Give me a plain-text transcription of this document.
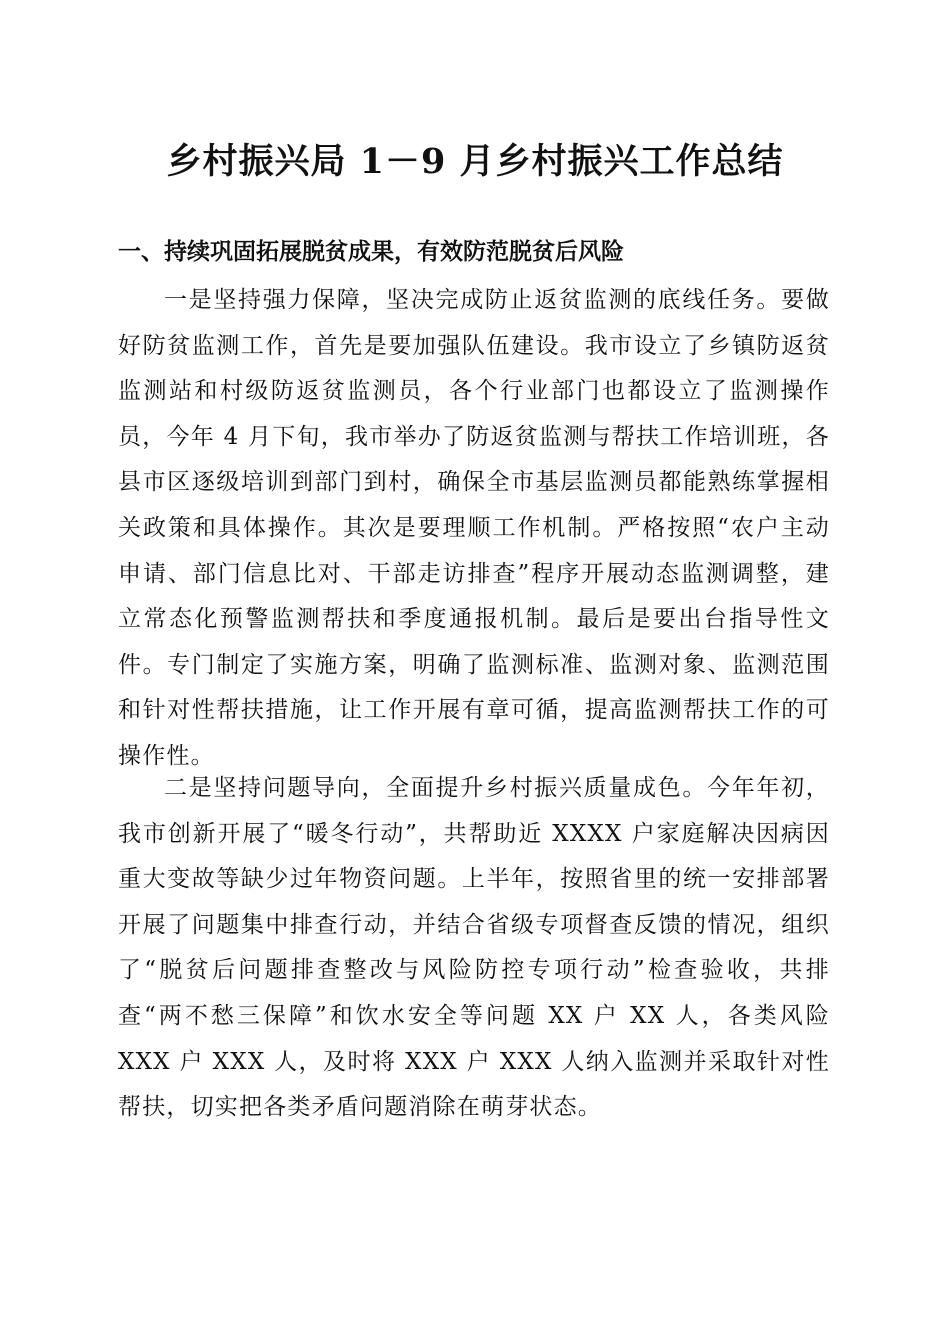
乡村振兴局 1－9 月乡村振兴工作总结
一、持续巩固拓展脱贫成果，有效防范脱贫后风险

一是坚持强力保障，坚决完成防止返贫监测的底线任务。要做好防贫监测工作，首先是要加强队伍建设。我市设立了乡镇防返贫监测站和村级防返贫监测员，各个行业部门也都设立了监测操作员，今年 4 月下旬，我市举办了防返贫监测与帮扶工作培训班，各县市区逐级培训到部门到村，确保全市基层监测员都能熟练掌握相关政策和具体操作。其次是要理顺工作机制。严格按照“农户主动申请、部门信息比对、干部走访排查”程序开展动态监测调整，建立常态化预警监测帮扶和季度通报机制。最后是要出台指导性文件。专门制定了实施方案，明确了监测标准、监测对象、监测范围和针对性帮扶措施，让工作开展有章可循，提高监测帮扶工作的可操作性。

二是坚持问题导向，全面提升乡村振兴质量成色。今年年初，我市创新开展了“暖冬行动”，共帮助近 XXXX 户家庭解决因病因重大变故等缺少过年物资问题。上半年，按照省里的统一安排部署开展了问题集中排查行动，并结合省级专项督查反馈的情况，组织了“脱贫后问题排查整改与风险防控专项行动”检查验收，共排查“两不愁三保障”和饮水安全等问题 XX 户 XX 人，各类风险 XXX 户 XXX 人，及时将 XXX 户 XXX 人纳入监测并采取针对性帮扶，切实把各类矛盾问题消除在萌芽状态。
